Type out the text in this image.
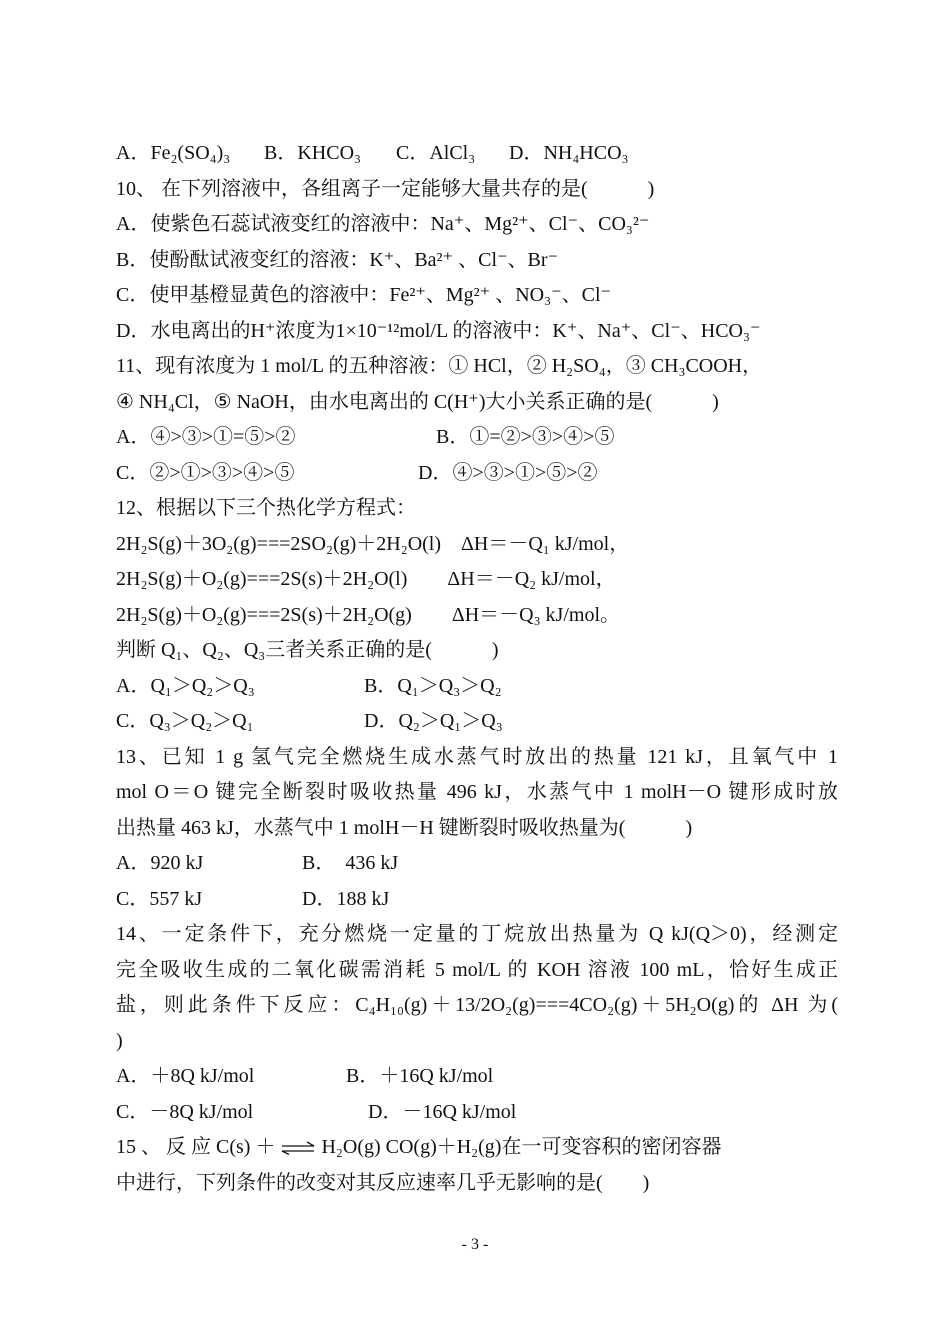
A．Fe₂(SO₄)₃ B．KHCO₃ C．AlCl₃ D．NH₄HCO₃
10、 在下列溶液中，各组离子一定能够大量共存的是(　　　)
A．使紫色石蕊试液变红的溶液中：Na⁺、Mg²⁺、Cl⁻、CO₃²⁻
B．使酚酞试液变红的溶液：K⁺、Ba²⁺ 、Cl⁻、Br⁻
C．使甲基橙显黄色的溶液中：Fe²⁺、Mg²⁺ 、NO₃⁻、Cl⁻
D．水电离出的H⁺浓度为1×10⁻¹²mol/L 的溶液中：K⁺、Na⁺、Cl⁻、HCO₃⁻
11、现有浓度为 1 mol/L 的五种溶液：① HCl，② H₂SO₄，③ CH₃COOH，
④ NH₄Cl，⑤ NaOH，由水电离出的 C(H⁺)大小关系正确的是(　　　)
A．④>③>①=⑤>②	B．①=②>③>④>⑤
C．②>①>③>④>⑤	D．④>③>①>⑤>②
12、根据以下三个热化学方程式：
2H₂S(g)＋3O₂(g)===2SO₂(g)＋2H₂O(l)　ΔH＝－Q₁ kJ/mol，
2H₂S(g)＋O₂(g)===2S(s)＋2H₂O(l)　　ΔH＝－Q₂ kJ/mol，
2H₂S(g)＋O₂(g)===2S(s)＋2H₂O(g)　　ΔH＝－Q₃ kJ/mol。
判断 Q₁、Q₂、Q₃三者关系正确的是(　　　)
A．Q₁＞Q₂＞Q₃	B．Q₁＞Q₃＞Q₂
C．Q₃＞Q₂＞Q₁	D．Q₂＞Q₁＞Q₃
13、已知 1 g 氢气完全燃烧生成水蒸气时放出的热量 121 kJ，且氧气中 1
mol O＝O 键完全断裂时吸收热量 496 kJ，水蒸气中 1 molH－O 键形成时放
出热量 463 kJ，水蒸气中 1 molH－H 键断裂时吸收热量为(　　　)
A．920 kJ	B．　436 kJ
C．557 kJ	D．188 kJ
14、一定条件下，充分燃烧一定量的丁烷放出热量为 Q kJ(Q＞0)，经测定
完全吸收生成的二氧化碳需消耗 5 mol/L 的 KOH 溶液 100 mL，恰好生成正
盐，则此条件下反应：C₄H₁₀(g)＋13/2O₂(g)===4CO₂(g)＋5H₂O(g)的 ΔH 为(
)
A．＋8Q kJ/mol	B．＋16Q kJ/mol
C．－8Q kJ/mol	D．－16Q kJ/mol
15 、 反 应 C(s) ＋ ⇌ H₂O(g) CO(g)＋H₂(g)在一可变容积的密闭容器
中进行，下列条件的改变对其反应速率几乎无影响的是(　　)
- 3 -
